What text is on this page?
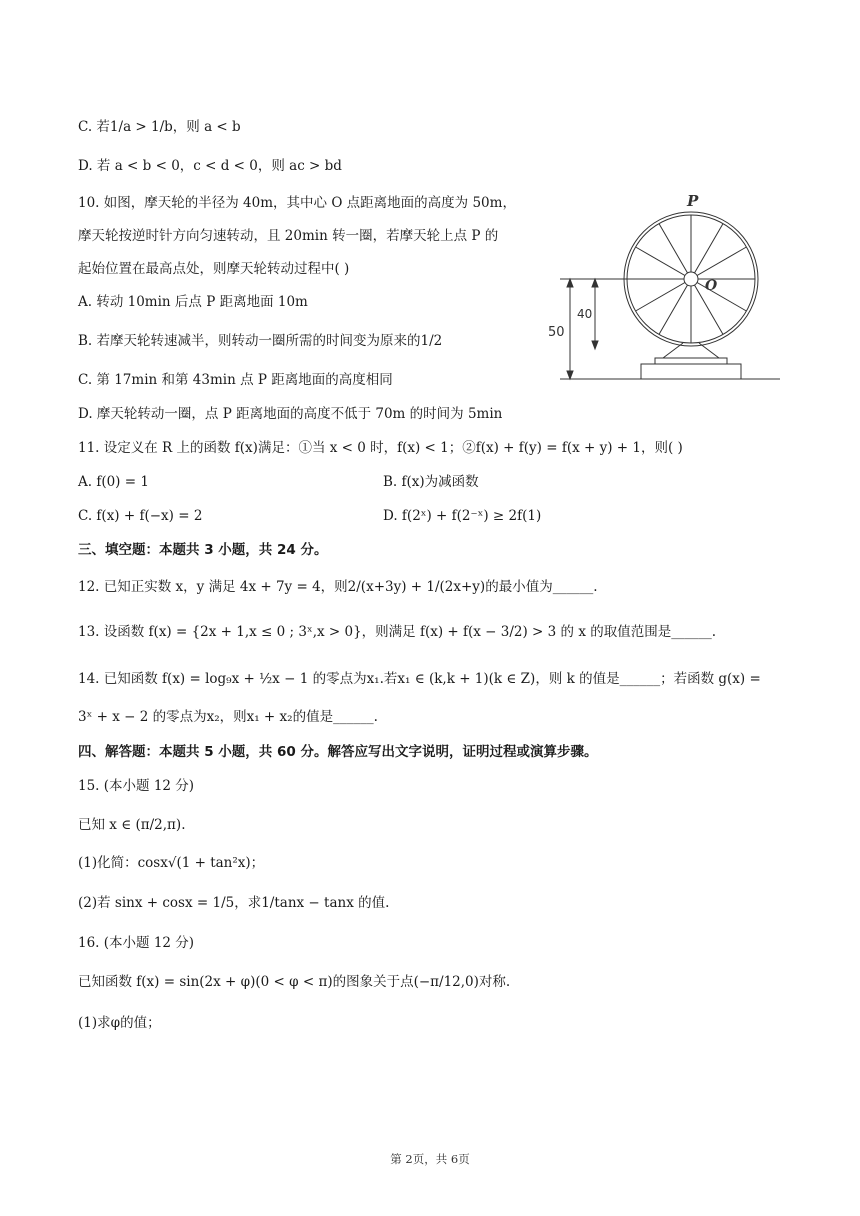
C. 若1/a > 1/b，则 a < b
D. 若 a < b < 0，c < d < 0，则 ac > bd
10. 如图，摩天轮的半径为 40m，其中心 O 点距离地面的高度为 50m，
摩天轮按逆时针方向匀速转动，且 20min 转一圈，若摩天轮上点 P 的
起始位置在最高点处，则摩天轮转动过程中( )
A. 转动 10min 后点 P 距离地面 10m
B. 若摩天轮转速减半，则转动一圈所需的时间变为原来的1/2
C. 第 17min 和第 43min 点 P 距离地面的高度相同
D. 摩天轮转动一圈，点 P 距离地面的高度不低于 70m 的时间为 5min
11. 设定义在 R 上的函数 f(x)满足：①当 x < 0 时，f(x) < 1；②f(x) + f(y) = f(x + y) + 1，则( )
A. f(0) = 1	B. f(x)为减函数
C. f(x) + f(−x) = 2	D. f(2ˣ) + f(2⁻ˣ) ≥ 2f(1)
三、填空题：本题共 3 小题，共 24 分。
12. 已知正实数 x，y 满足 4x + 7y = 4，则2/(x+3y) + 1/(2x+y)的最小值为______.
13. 设函数 f(x) = {2x + 1,x ≤ 0 ; 3ˣ,x > 0}，则满足 f(x) + f(x − 3/2) > 3 的 x 的取值范围是______.
14. 已知函数 f(x) = log₉x + ½x − 1 的零点为x₁.若x₁ ∈ (k,k + 1)(k ∈ Z)，则 k 的值是______；若函数 g(x) =
3ˣ + x − 2 的零点为x₂，则x₁ + x₂的值是______.
四、解答题：本题共 5 小题，共 60 分。解答应写出文字说明，证明过程或演算步骤。
15. (本小题 12 分)
已知 x ∈ (π/2,π).
(1)化简：cosx√(1 + tan²x)；
(2)若 sinx + cosx = 1/5，求1/tanx − tanx 的值.
16. (本小题 12 分)
已知函数 f(x) = sin(2x + φ)(0 < φ < π)的图象关于点(−π/12,0)对称.
(1)求φ的值；
P
O
50
40
第 2页，共 6页
